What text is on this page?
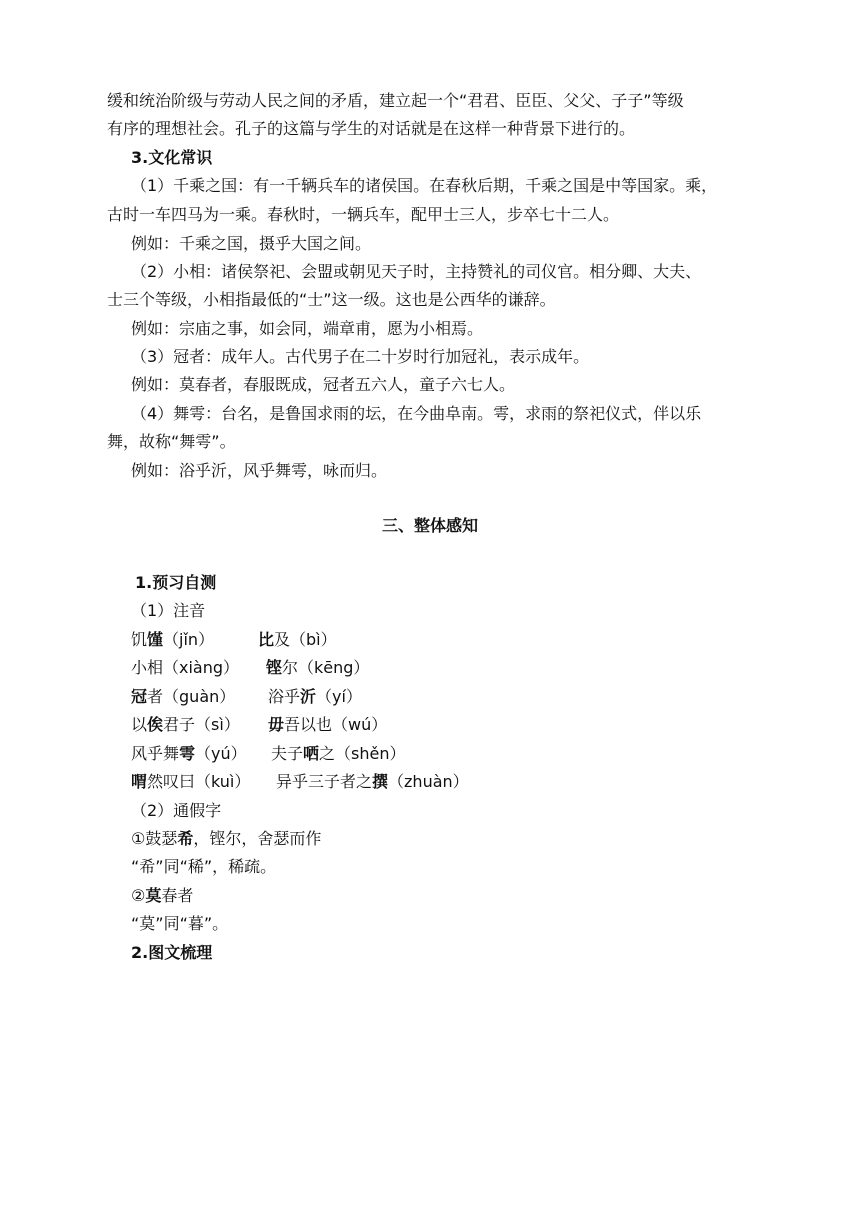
缓和统治阶级与劳动人民之间的矛盾，建立起一个“君君、臣臣、父父、子子”等级
有序的理想社会。孔子的这篇与学生的对话就是在这样一种背景下进行的。
3.文化常识
（1）千乘之国：有一千辆兵车的诸侯国。在春秋后期，千乘之国是中等国家。乘，
古时一车四马为一乘。春秋时，一辆兵车，配甲士三人，步卒七十二人。
例如：千乘之国，摄乎大国之间。
（2）小相：诸侯祭祀、会盟或朝见天子时，主持赞礼的司仪官。相分卿、大夫、
士三个等级，小相指最低的“士”这一级。这也是公西华的谦辞。
例如：宗庙之事，如会同，端章甫，愿为小相焉。
（3）冠者：成年人。古代男子在二十岁时行加冠礼，表示成年。
例如：莫春者，春服既成，冠者五六人，童子六七人。
（4）舞雩：台名，是鲁国求雨的坛，在今曲阜南。雩，求雨的祭祀仪式，伴以乐
舞，故称“舞雩”。
例如：浴乎沂，风乎舞雩，咏而归。
三、整体感知
1.预习自测
（1）注音
饥馑（jǐn）	比及（bì）
小相（xiàng） 铿尔（kēng）
冠者（guàn） 浴乎沂（yí）
以俟君子（sì） 毋吾以也（wú）
风乎舞雩（yú） 夫子哂之（shěn）
喟然叹曰（kuì） 异乎三子者之撰（zhuàn）
（2）通假字
①鼓瑟希，铿尔，舍瑟而作
“希”同“稀”，稀疏。
②莫春者
“莫”同“暮”。
2.图文梳理
